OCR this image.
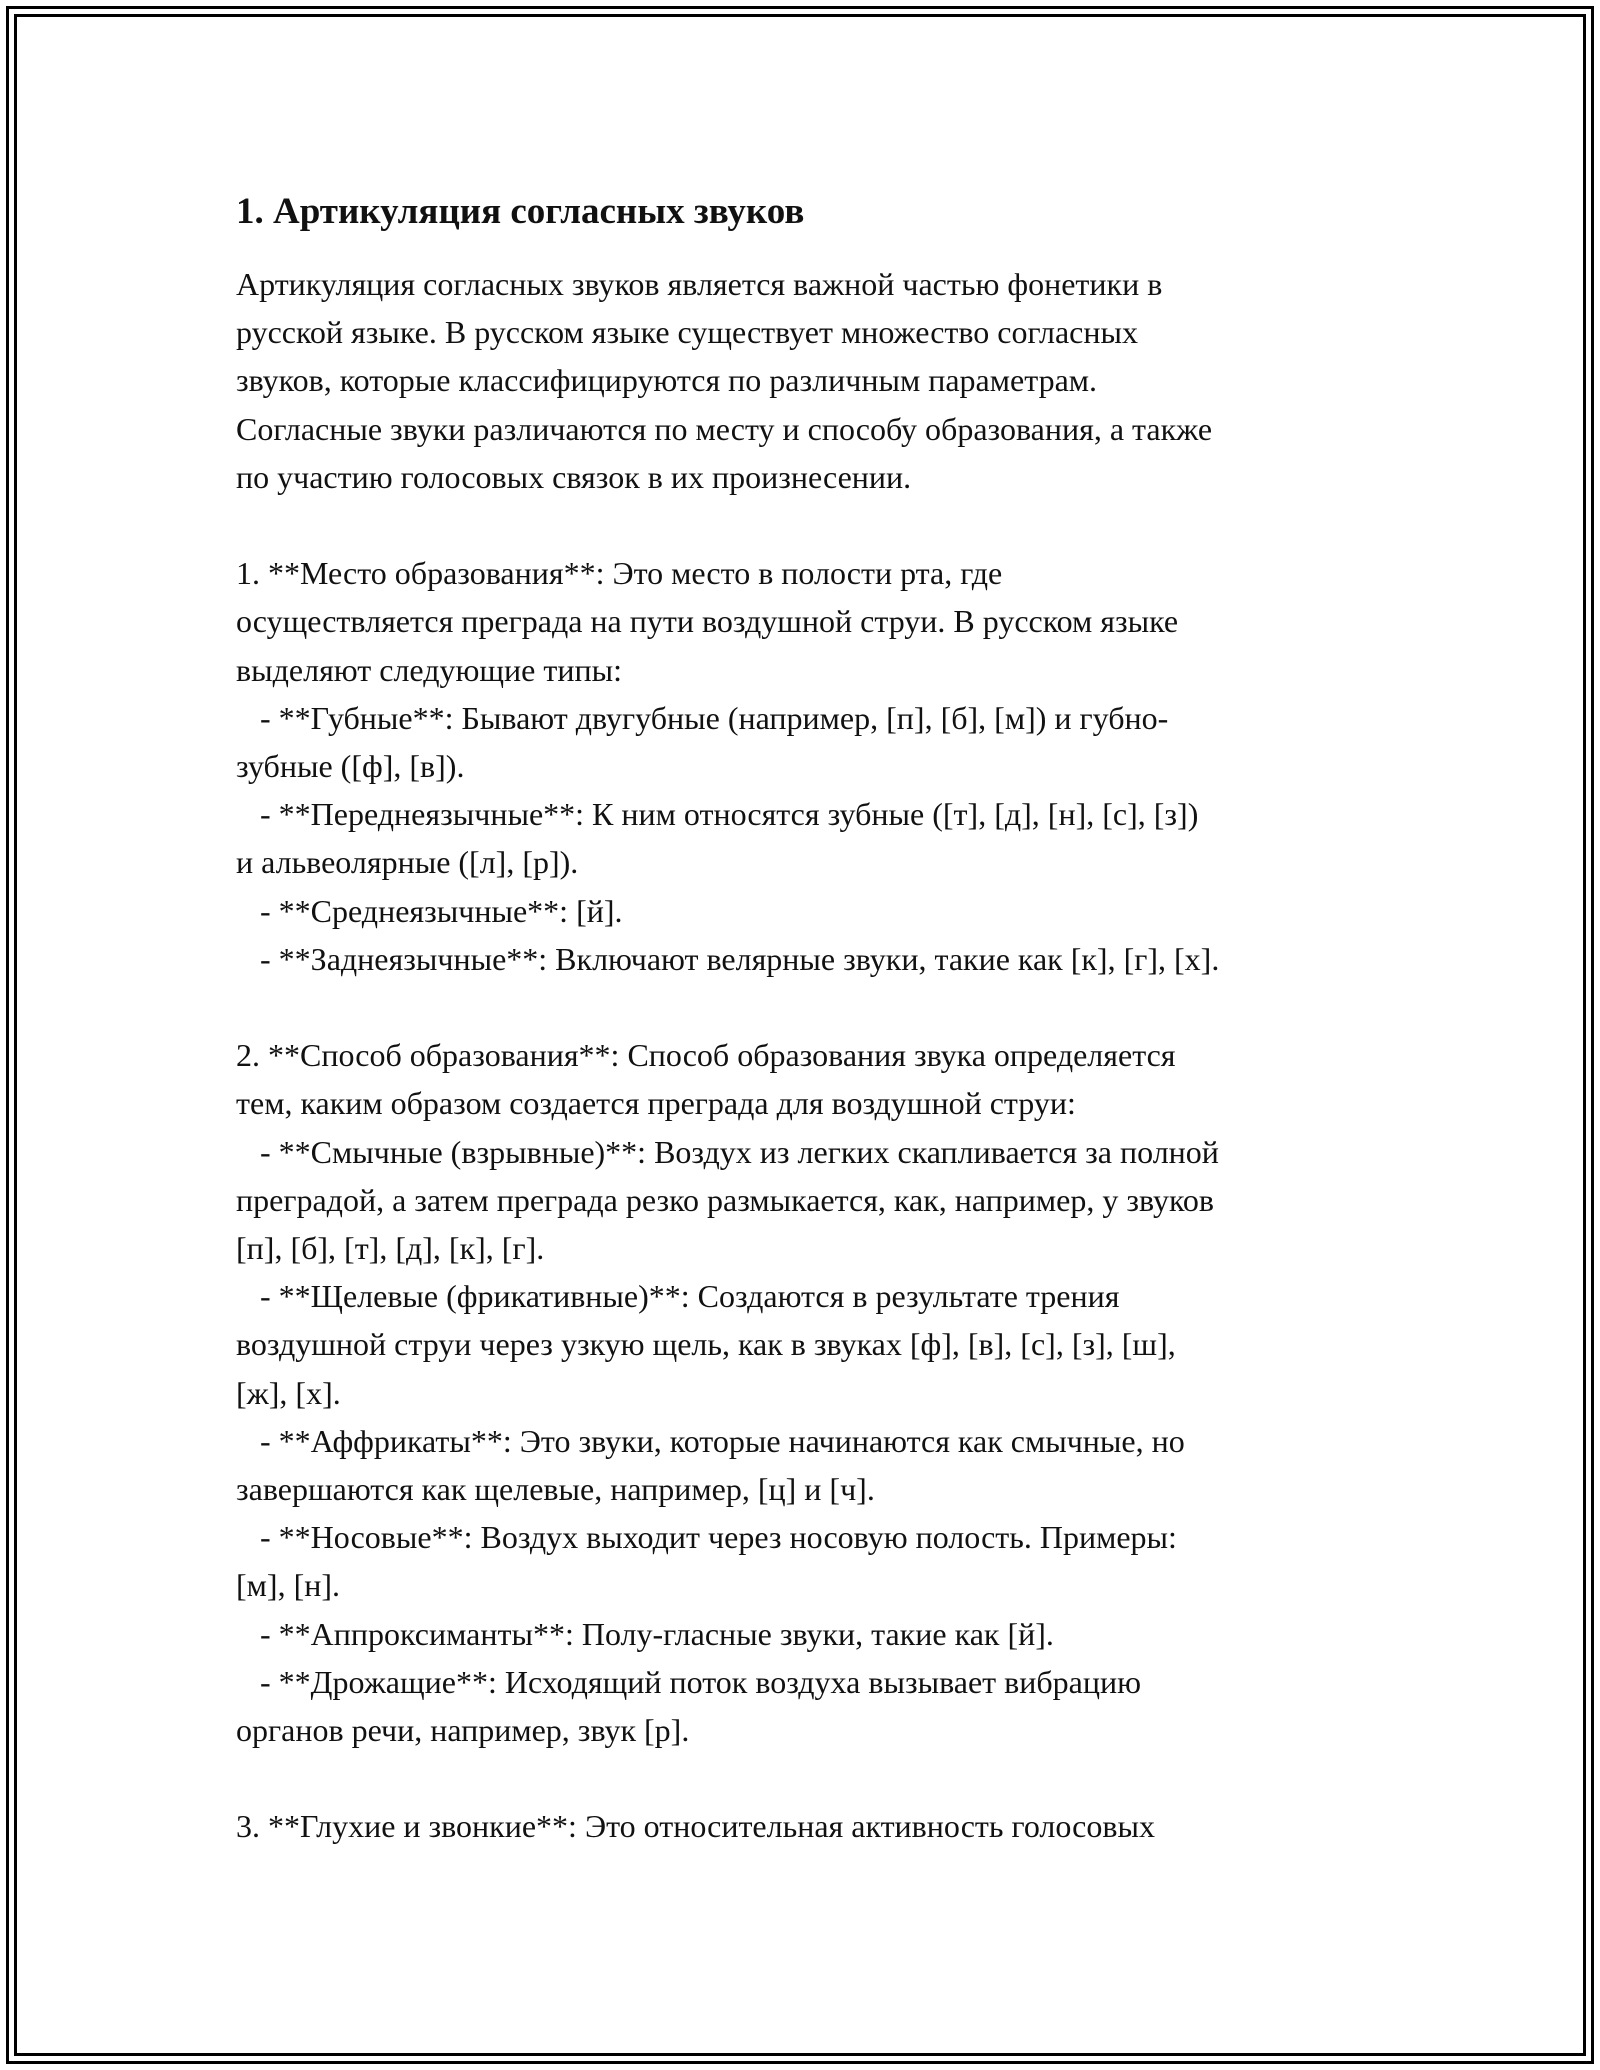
1. Артикуляция согласных звуков
Артикуляция согласных звуков является важной частью фонетики в
русской языке. В русском языке существует множество согласных
звуков, которые классифицируются по различным параметрам.
Согласные звуки различаются по месту и способу образования, а также
по участию голосовых связок в их произнесении.
1. **Место образования**: Это место в полости рта, где
осуществляется преграда на пути воздушной струи. В русском языке
выделяют следующие типы:
- **Губные**: Бывают двугубные (например, [п], [б], [м]) и губно-
зубные ([ф], [в]).
- **Переднеязычные**: К ним относятся зубные ([т], [д], [н], [с], [з])
и альвеолярные ([л], [р]).
- **Среднеязычные**: [й].
- **Заднеязычные**: Включают велярные звуки, такие как [к], [г], [х].
2. **Способ образования**: Способ образования звука определяется
тем, каким образом создается преграда для воздушной струи:
- **Смычные (взрывные)**: Воздух из легких скапливается за полной
преградой, а затем преграда резко размыкается, как, например, у звуков
[п], [б], [т], [д], [к], [г].
- **Щелевые (фрикативные)**: Создаются в результате трения
воздушной струи через узкую щель, как в звуках [ф], [в], [с], [з], [ш],
[ж], [х].
- **Аффрикаты**: Это звуки, которые начинаются как смычные, но
завершаются как щелевые, например, [ц] и [ч].
- **Носовые**: Воздух выходит через носовую полость. Примеры:
[м], [н].
- **Аппроксиманты**: Полу-гласные звуки, такие как [й].
- **Дрожащие**: Исходящий поток воздуха вызывает вибрацию
органов речи, например, звук [р].
3. **Глухие и звонкие**: Это относительная активность голосовых
